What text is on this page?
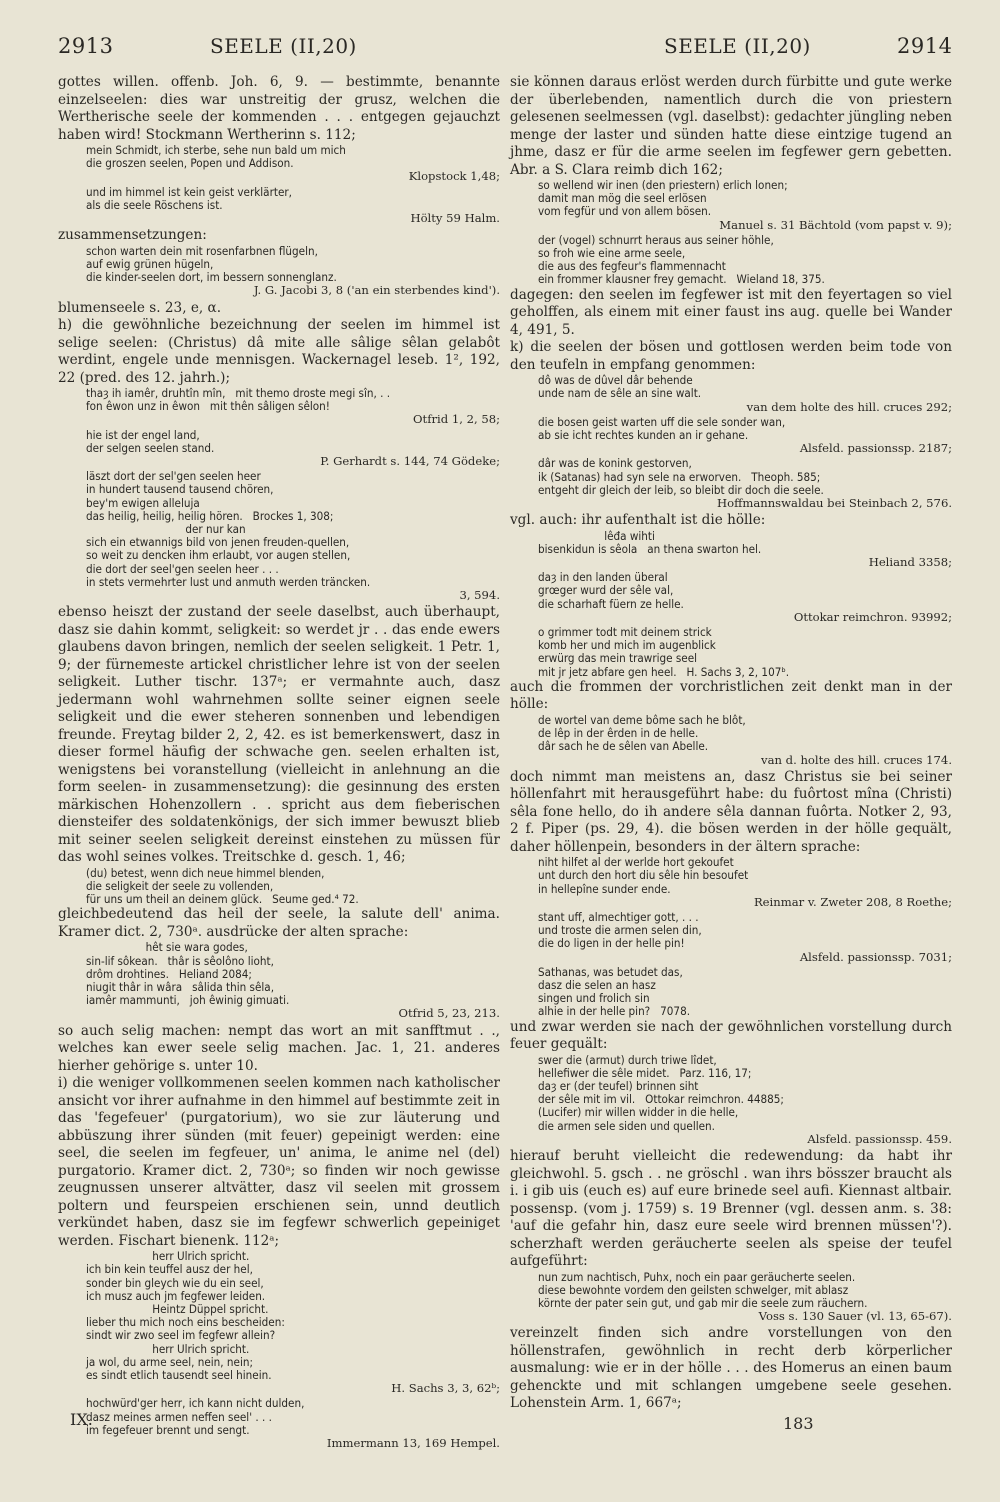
2913	SEELE (II,20)	SEELE (II,20)	2914
gottes willen. offenb. Joh. 6, 9. — bestimmte, benannte einzelseelen: dies war unstreitig der grusz, welchen die Wertherische seele der kommenden . . . entgegen gejauchzt haben wird! Stockmann Wertherinn s. 112;
mein Schmidt, ich sterbe, sehe nun bald um mich
die groszen seelen, Popen und Addison.
Klopstock 1,48;
und im himmel ist kein geist verklärter,
als die seele Röschens ist.
Hölty 59 Halm.
zusammensetzungen:
schon warten dein mit rosenfarbnen flügeln,
auf ewig grünen hügeln,
die kinder-seelen dort, im bessern sonnenglanz.
J. G. Jacobi 3, 8 ('an ein sterbendes kind').
blumenseele s. 23, e, α.
h) die gewöhnliche bezeichnung der seelen im himmel ist selige seelen: (Christus) dâ mite alle sâlige sêlan gelabôt werdint, engele unde mennisgen. Wackernagel leseb. 1², 192, 22 (pred. des 12. jahrh.);
thaȝ ih iamêr, druhtîn mîn,   mit themo droste megi sîn, . .
fon êwon unz in êwon   mit thên sâligen sêlon!
Otfrid 1, 2, 58;
hie ist der engel land,
der selgen seelen stand.
P. Gerhardt s. 144, 74 Gödeke;
läszt dort der sel'gen seelen heer
in hundert tausend tausend chören,
bey'm ewigen alleluja
das heilig, heilig, heilig hören.   Brockes 1, 308;
der nur kan
sich ein etwannigs bild von jenen freuden-quellen,
so weit zu dencken ihm erlaubt, vor augen stellen,
die dort der seel'gen seelen heer . . .
in stets vermehrter lust und anmuth werden träncken.
3, 594.
ebenso heiszt der zustand der seele daselbst, auch überhaupt, dasz sie dahin kommt, seligkeit: so werdet jr . . das ende ewers glaubens davon bringen, nemlich der seelen seligkeit. 1 Petr. 1, 9; der fürnemeste artickel christlicher lehre ist von der seelen seligkeit. Luther tischr. 137ᵃ; er vermahnte auch, dasz jedermann wohl wahrnehmen sollte seiner eignen seele seligkeit und die ewer steheren sonnenben und lebendigen freunde. Freytag bilder 2, 2, 42. es ist bemerkenswert, dasz in dieser formel häufig der schwache gen. seelen erhalten ist, wenigstens bei voranstellung (vielleicht in anlehnung an die form seelen- in zusammensetzung): die gesinnung des ersten märkischen Hohenzollern . . spricht aus dem fieberischen diensteifer des soldatenkönigs, der sich immer bewuszt blieb mit seiner seelen seligkeit dereinst einstehen zu müssen für das wohl seines volkes. Treitschke d. gesch. 1, 46;
(du) betest, wenn dich neue himmel blenden,
die seligkeit der seele zu vollenden,
für uns um theil an deinem glück.   Seume ged.⁴ 72.
gleichbedeutend das heil der seele, la salute dell' anima. Kramer dict. 2, 730ᵃ. ausdrücke der alten sprache:
hêt sie wara godes,
sin-lif sôkean.   thâr is sêolôno lioht,
drôm drohtines.   Heliand 2084;
niugit thâr in wâra   sâlida thin sêla,
iamêr mammunti,   joh êwinig gimuati.
Otfrid 5, 23, 213.
so auch selig machen: nempt das wort an mit sanfftmut . ., welches kan ewer seele selig machen. Jac. 1, 21. anderes hierher gehörige s. unter 10.
i) die weniger vollkommenen seelen kommen nach katholischer ansicht vor ihrer aufnahme in den himmel auf bestimmte zeit in das 'fegefeuer' (purgatorium), wo sie zur läuterung und abbüszung ihrer sünden (mit feuer) gepeinigt werden: eine seel, die seelen im fegfeuer, un' anima, le anime nel (del) purgatorio. Kramer dict. 2, 730ᵃ; so finden wir noch gewisse zeugnussen unserer altvätter, dasz vil seelen mit grossem poltern und feurspeien erschienen sein, unnd deutlich verkündet haben, dasz sie im fegfewr schwerlich gepeiniget werden. Fischart bienenk. 112ᵃ;
herr Ulrich spricht.
ich bin kein teuffel ausz der hel,
sonder bin gleych wie du ein seel,
ich musz auch jm fegfewer leiden.
Heintz Düppel spricht.
lieber thu mich noch eins bescheiden:
sindt wir zwo seel im fegfewr allein?
herr Ulrich spricht.
ja wol, du arme seel, nein, nein;
es sindt etlich tausendt seel hinein.
H. Sachs 3, 3, 62ᵇ;
hochwürd'ger herr, ich kann nicht dulden,
dasz meines armen neffen seel' . . .
im fegefeuer brennt und sengt.
Immermann 13, 169 Hempel.
sie können daraus erlöst werden durch fürbitte und gute werke der überlebenden, namentlich durch die von priestern gelesenen seelmessen (vgl. daselbst): gedachter jüngling neben menge der laster und sünden hatte diese eintzige tugend an jhme, dasz er für die arme seelen im fegfewer gern gebetten. Abr. a S. Clara reimb dich 162;
so wellend wir inen (den priestern) erlich lonen;
damit man mög die seel erlösen
vom fegfür und von allem bösen.
Manuel s. 31 Bächtold (vom papst v. 9);
der (vogel) schnurrt heraus aus seiner höhle,
so froh wie eine arme seele,
die aus des fegfeur's flammennacht
ein frommer klausner frey gemacht.   Wieland 18, 375.
dagegen: den seelen im fegfewer ist mit den feyertagen so viel geholffen, als einem mit einer faust ins aug. quelle bei Wander 4, 491, 5.
k) die seelen der bösen und gottlosen werden beim tode von den teufeln in empfang genommen:
dô was de dûvel dâr behende
unde nam de sêle an sine walt.
van dem holte des hill. cruces 292;
die bosen geist warten uff die sele sonder wan,
ab sie icht rechtes kunden an ir gehane.
Alsfeld. passionssp. 2187;
dâr was de konink gestorven,
ik (Satanas) had syn sele na erworven.   Theoph. 585;
entgeht dir gleich der leib, so bleibt dir doch die seele.
Hoffmannswaldau bei Steinbach 2, 576.
vgl. auch: ihr aufenthalt ist die hölle:
lêđa wihti
bisenkidun is sêola   an thena swarton hel.
Heliand 3358;
daȝ in den landen überal
grœger wurd der sêle val,
die scharhaft füern ze helle.
Ottokar reimchron. 93992;
o grimmer todt mit deinem strick
komb her und mich im augenblick
erwürg das mein trawrige seel
mit jr jetz abfare gen heel.   H. Sachs 3, 2, 107ᵇ.
auch die frommen der vorchristlichen zeit denkt man in der hölle:
de wortel van deme bôme sach he blôt,
de lêp in der êrden in de helle.
dâr sach he de sêlen van Abelle.
van d. holte des hill. cruces 174.
doch nimmt man meistens an, dasz Christus sie bei seiner höllenfahrt mit herausgeführt habe: du fuôrtost mîna (Christi) sêla fone hello, do ih andere sêla dannan fuôrta. Notker 2, 93, 2 f. Piper (ps. 29, 4). die bösen werden in der hölle gequält, daher höllenpein, besonders in der ältern sprache:
niht hilfet al der werlde hort gekoufet
unt durch den hort diu sêle hin besoufet
in hellepîne sunder ende.
Reinmar v. Zweter 208, 8 Roethe;
stant uff, almechtiger gott, . . .
und troste die armen selen din,
die do ligen in der helle pin!
Alsfeld. passionssp. 7031;
Sathanas, was betudet das,
dasz die selen an hasz
singen und frolich sin
alhie in der helle pin?   7078.
und zwar werden sie nach der gewöhnlichen vorstellung durch feuer gequält:
swer die (armut) durch triwe lîdet,
hellefiwer die sêle midet.   Parz. 116, 17;
daȝ er (der teufel) brinnen siht
der sêle mit im vil.   Ottokar reimchron. 44885;
(Lucifer) mir willen widder in die helle,
die armen sele siden und quellen.
Alsfeld. passionssp. 459.
hierauf beruht vielleicht die redewendung: da habt ihr gleichwohl. 5. gsch . . ne gröschl . wan ihrs bösszer braucht als i. i gib uis (euch es) auf eure brinede seel aufi. Kiennast altbair. possensp. (vom j. 1759) s. 19 Brenner (vgl. dessen anm. s. 38: 'auf die gefahr hin, dasz eure seele wird brennen müssen'?). scherzhaft werden geräucherte seelen als speise der teufel aufgeführt:
nun zum nachtisch, Puhx, noch ein paar geräucherte seelen.
diese bewohnte vordem den geilsten schwelger, mit ablasz
körnte der pater sein gut, und gab mir die seele zum räuchern.
Voss s. 130 Sauer (vl. 13, 65-67).
vereinzelt finden sich andre vorstellungen von den höllenstrafen, gewöhnlich in recht derb körperlicher ausmalung: wie er in der hölle . . . des Homerus an einen baum gehenckte und mit schlangen umgebene seele gesehen. Lohenstein Arm. 1, 667ᵃ;
IX.	183
